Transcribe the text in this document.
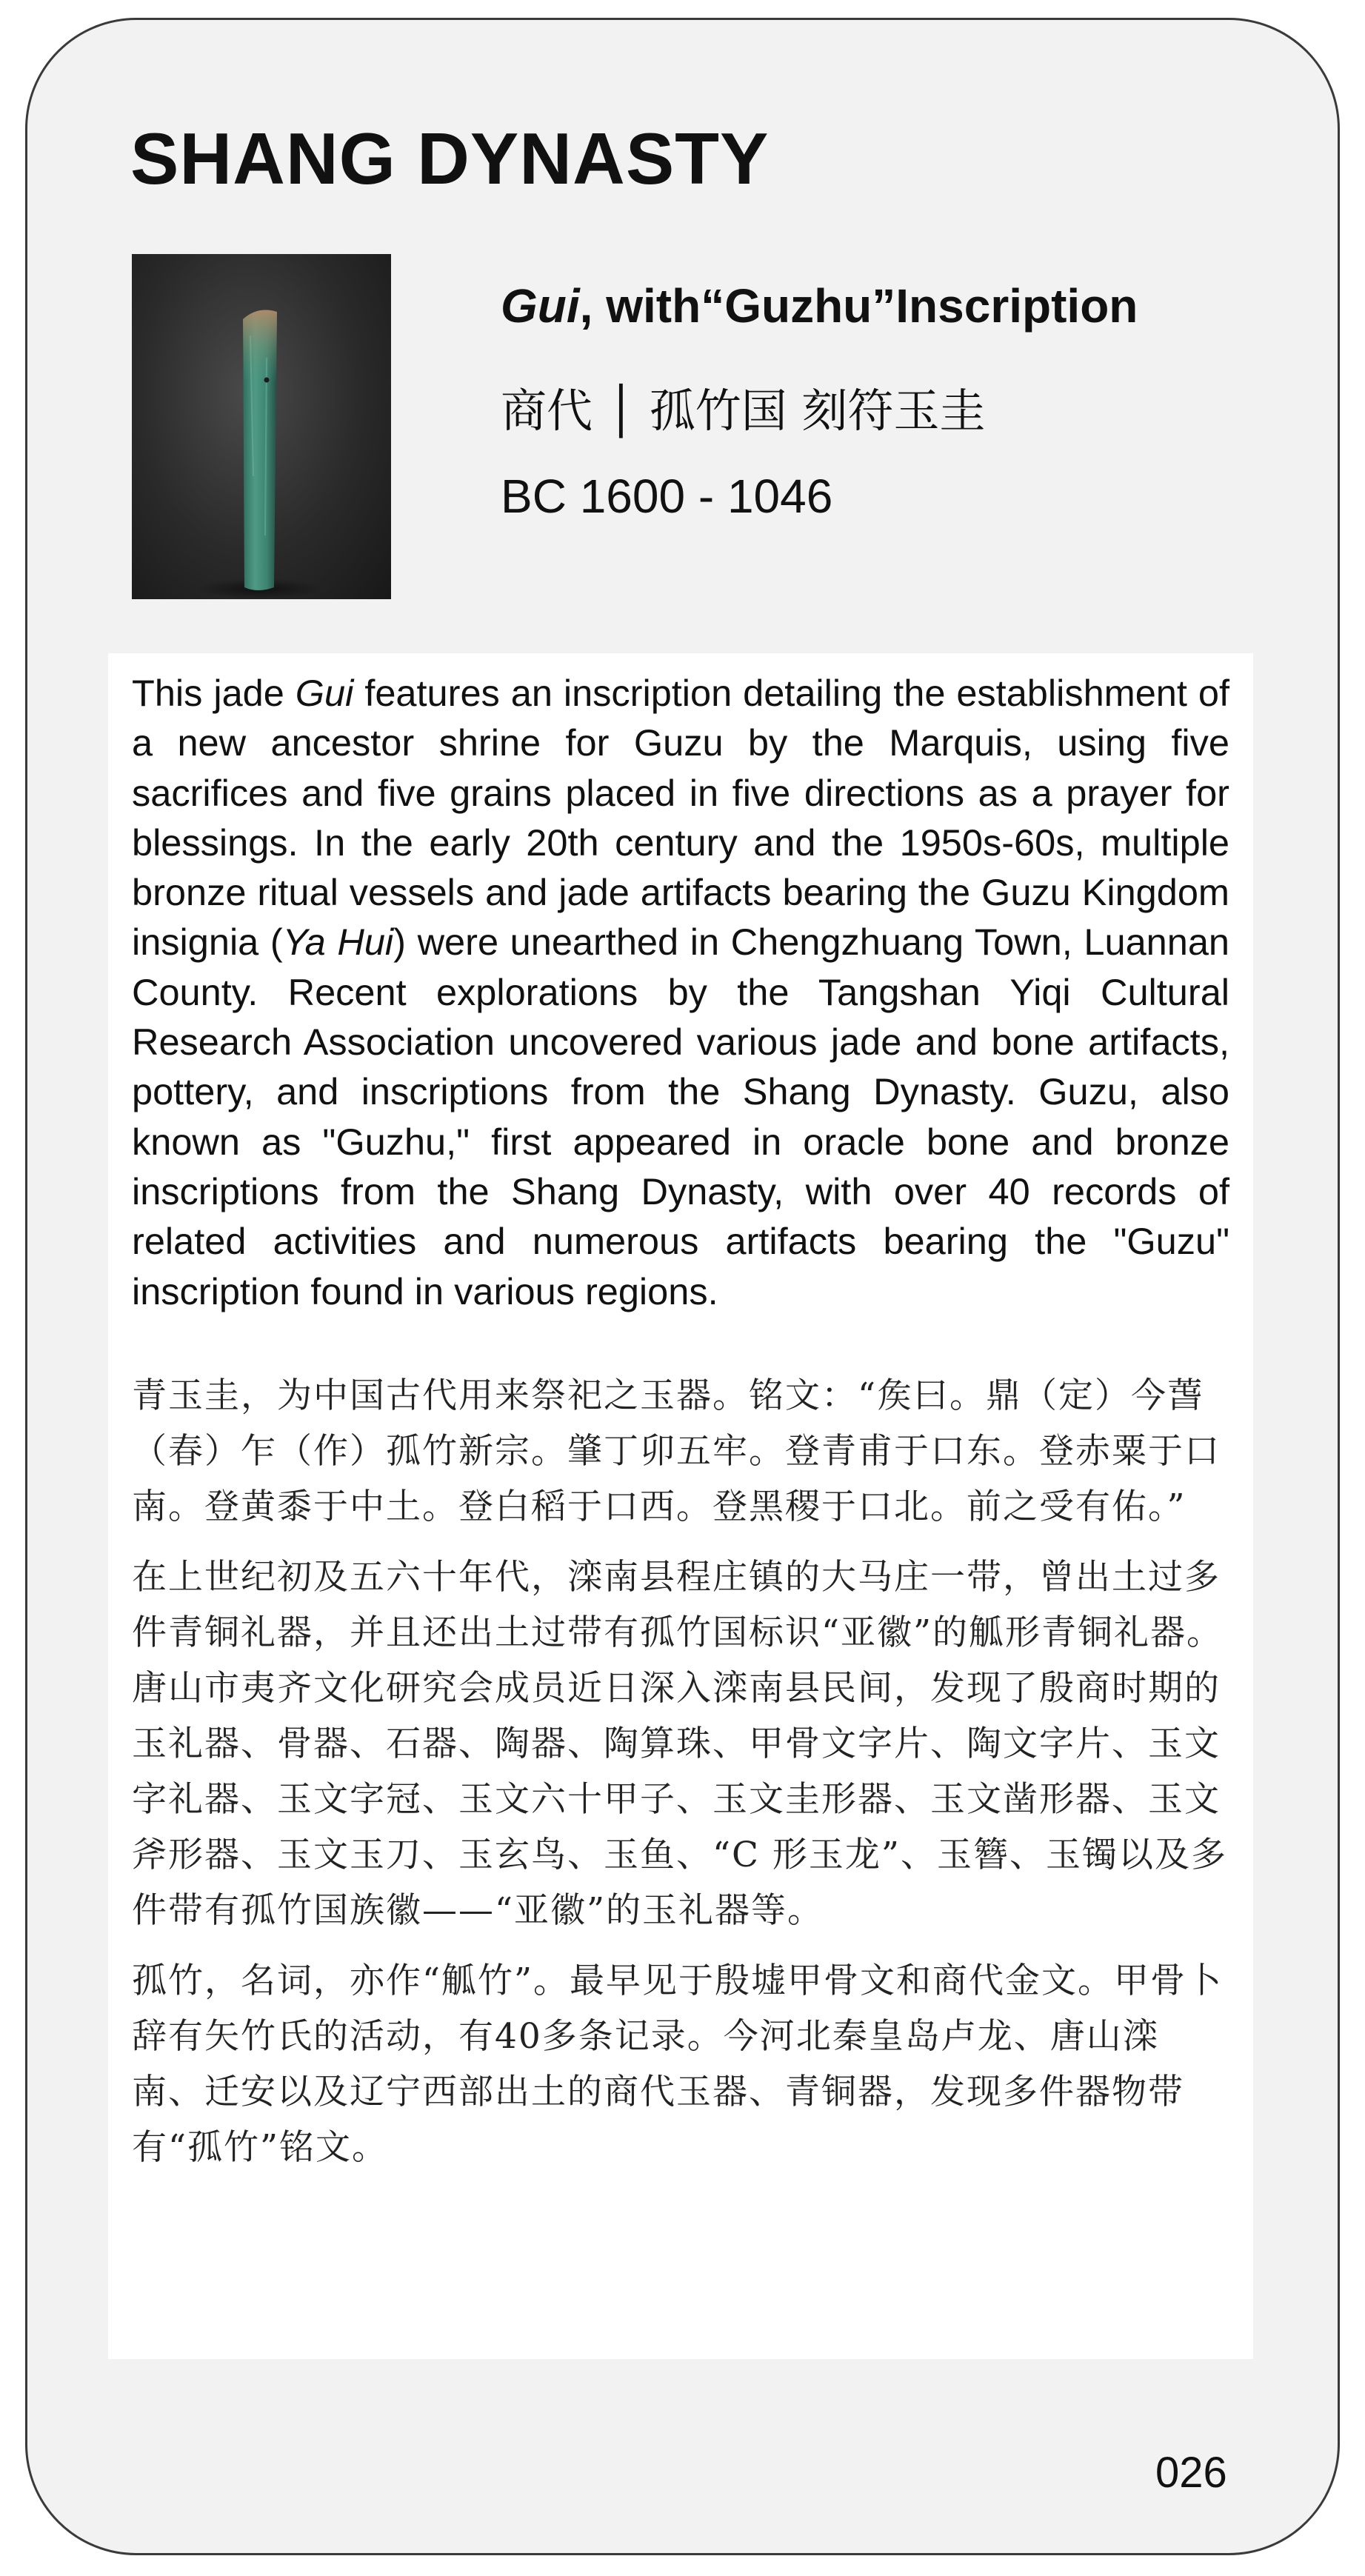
SHANG DYNASTY
Gui, with“Guzhu”Inscription
商代 │ 孤竹国 刻符玉圭
BC 1600 - 1046

This jade Gui features an inscription detailing the establishment of a new ancestor shrine for Guzu by the Marquis, using five sacrifices and five grains placed in five directions as a prayer for blessings. In the early 20th century and the 1950s-60s, multiple bronze ritual vessels and jade artifacts bearing the Guzu Kingdom insignia (Ya Hui) were unearthed in Chengzhuang Town, Luannan County. Recent explorations by the Tangshan Yiqi Cultural Research Association uncovered various jade and bone artifacts, pottery, and inscriptions from the Shang Dynasty. Guzu, also known as "Guzhu," first appeared in oracle bone and bronze inscriptions from the Shang Dynasty, with over 40 records of related activities and numerous artifacts bearing the "Guzu" inscription found in various regions.

青玉圭，为中国古代用来祭祀之玉器。铭文：“矦曰。鼎（定）今萅（春）乍（作）孤竹新宗。肇丁卯五牢。登青甫于口东。登赤粟于口南。登黄黍于中土。登白稻于口西。登黑稷于口北。前之受有佑。”

在上世纪初及五六十年代，滦南县程庄镇的大马庄一带，曾出土过多件青铜礼器，并且还出土过带有孤竹国标识“亚徽”的觚形青铜礼器。唐山市夷齐文化研究会成员近日深入滦南县民间，发现了殷商时期的玉礼器、骨器、石器、陶器、陶算珠、甲骨文字片、陶文字片、玉文字礼器、玉文字冠、玉文六十甲子、玉文圭形器、玉文凿形器、玉文斧形器、玉文玉刀、玉玄鸟、玉鱼、“C 形玉龙”、玉簪、玉镯以及多件带有孤竹国族徽——“亚徽”的玉礼器等。

孤竹，名词，亦作“觚竹”。最早见于殷墟甲骨文和商代金文。甲骨卜辞有矢竹氏的活动，有40多条记录。今河北秦皇岛卢龙、唐山滦南、迁安以及辽宁西部出土的商代玉器、青铜器，发现多件器物带有“孤竹”铭文。

026
